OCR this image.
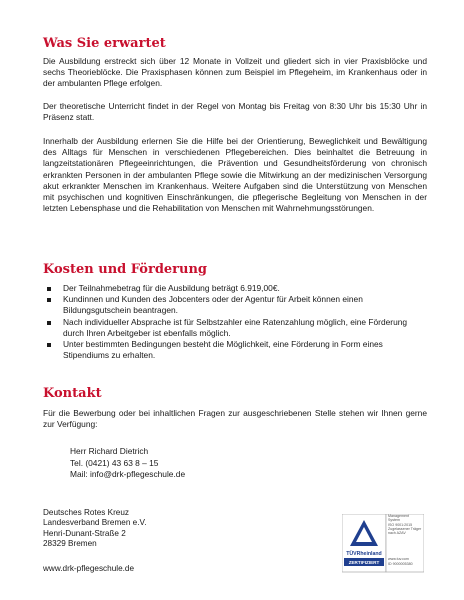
Was Sie erwartet

Die Ausbildung erstreckt sich über 12 Monate in Vollzeit und gliedert sich in vier Praxisblöcke und sechs Theorieblöcke. Die Praxisphasen können zum Beispiel im Pflegeheim, im Krankenhaus oder in der ambulanten Pflege erfolgen.

Der theoretische Unterricht findet in der Regel von Montag bis Freitag von 8:30 Uhr bis 15:30 Uhr in Präsenz statt.

Innerhalb der Ausbildung erlernen Sie die Hilfe bei der Orientierung, Beweglichkeit und Bewältigung des Alltags für Menschen in verschiedenen Pflegebereichen. Dies beinhaltet die Betreuung in langzeitstationären Pflegeeinrichtungen, die Prävention und Gesundheitsförderung von chronisch erkrankten Personen in der ambulanten Pflege sowie die Mitwirkung an der medizinischen Versorgung akut erkrankter Menschen im Krankenhaus. Weitere Aufgaben sind die Unterstützung von Menschen mit psychischen und kognitiven Einschränkungen, die pflegerische Begleitung von Menschen in der letzten Lebensphase und die Rehabilitation von Menschen mit Wahrnehmungsstörungen.

Kosten und Förderung
Der Teilnahmebetrag für die Ausbildung beträgt 6.919,00€.
Kundinnen und Kunden des Jobcenters oder der Agentur für Arbeit können einen Bildungsgutschein beantragen.
Nach individueller Absprache ist für Selbstzahler eine Ratenzahlung möglich, eine Förderung durch Ihren Arbeitgeber ist ebenfalls möglich.
Unter bestimmten Bedingungen besteht die Möglichkeit, eine Förderung in Form eines Stipendiums zu erhalten.
Kontakt

Für die Bewerbung oder bei inhaltlichen Fragen zur ausgeschriebenen Stelle stehen wir Ihnen gerne zur Verfügung:

Herr Richard Dietrich
Tel. (0421) 43 63 8 – 15
Mail: info@drk-pflegeschule.de
Deutsches Rotes Kreuz
Landesverband Bremen e.V.
Henri-Dunant-Straße 2
28329 Bremen
www.drk-pflegeschule.de
TÜVRheinland
ZERTIFIZIERT
Management
System
ISO 9001:2015
Zugelassener Träger
nach AZAV
www.tuv.com
ID 9000005380
